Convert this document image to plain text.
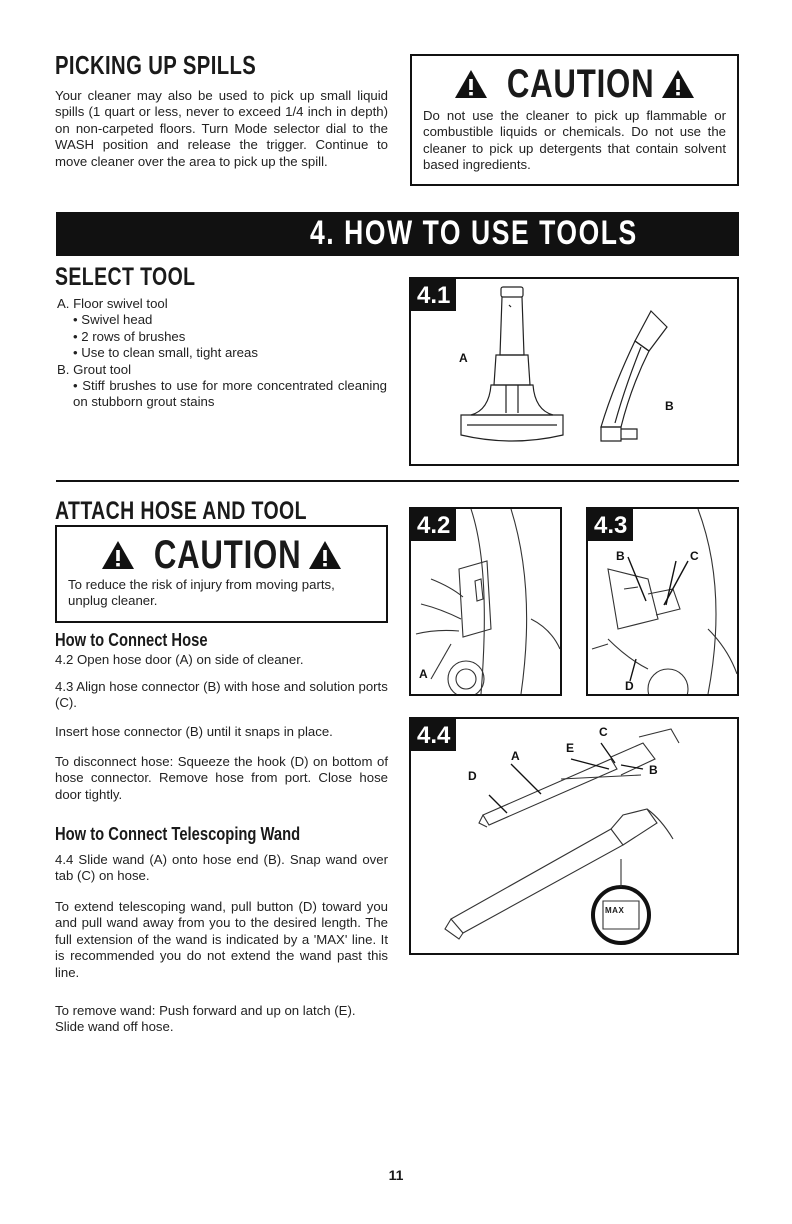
PICKING UP SPILLS

Your cleaner may also be used to pick up small liquid spills (1 quart or less, never to exceed 1/4 inch in depth) on non-carpeted floors. Turn Mode selector dial to the WASH position and release the trigger. Continue to move cleaner over the area to pick up the spill.

CAUTION

Do not use the cleaner to pick up flammable or combustible liquids or chemicals. Do not use the cleaner to pick up detergents that contain solvent based ingredients.

4. HOW TO USE TOOLS
SELECT TOOL
A. Floor swivel tool
• Swivel head
• 2 rows of brushes
• Use to clean small, tight areas
B. Grout tool
• Stiff brushes to use for more concentrated cleaning on stubborn grout stains
4.1
A
B
ATTACH HOSE AND TOOL
CAUTION

To reduce the risk of injury from moving parts, unplug cleaner.

How to Connect Hose

4.2 Open hose door (A) on side of cleaner.

4.3 Align hose connector (B) with hose and solution ports (C).

Insert hose connector (B) until it snaps in place.

To disconnect hose: Squeeze the hook (D) on bottom of hose connector. Remove hose from port. Close hose door tightly.

How to Connect Telescoping Wand

4.4 Slide wand (A) onto hose end (B). Snap wand over tab (C) on hose.

To extend telescoping wand, pull button (D) toward you and pull wand away from you to the desired length. The full extension of the wand is indicated by a 'MAX' line. It is recommended you do not extend the wand past this line.

To remove wand: Push forward and up on latch (E). Slide wand off hose.

4.2
A
4.3
B	C
D
4.4
A
E
C
B
D
MAX
11
